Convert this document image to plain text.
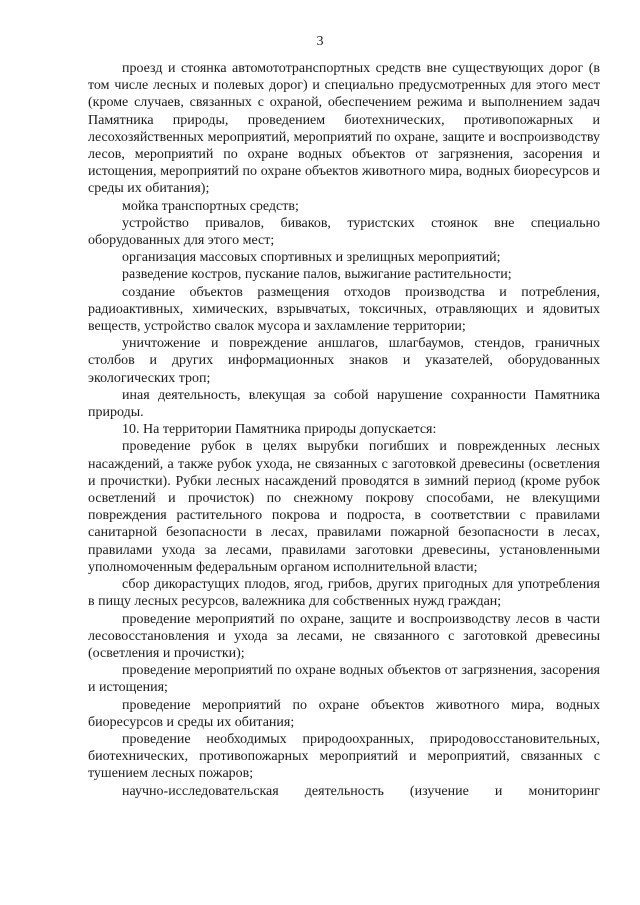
3

проезд и стоянка автомототранспортных средств вне существующих дорог (в том числе лесных и полевых дорог) и специально предусмотренных для этого мест (кроме случаев, связанных с охраной, обеспечением режима и выполнением задач Памятника природы, проведением биотехнических, противопожарных и лесохозяйственных мероприятий, мероприятий по охране, защите и воспроизводству лесов, мероприятий по охране водных объектов от загрязнения, засорения и истощения, мероприятий по охране объектов животного мира, водных биоресурсов и среды их обитания);

мойка транспортных средств;

устройство привалов, биваков, туристских стоянок вне специально оборудованных для этого мест;

организация массовых спортивных и зрелищных мероприятий;

разведение костров, пускание палов, выжигание растительности;

создание объектов размещения отходов производства и потребления, радиоактивных, химических, взрывчатых, токсичных, отравляющих и ядовитых веществ, устройство свалок мусора и захламление территории;

уничтожение и повреждение аншлагов, шлагбаумов, стендов, граничных столбов и других информационных знаков и указателей, оборудованных экологических троп;

иная деятельность, влекущая за собой нарушение сохранности Памятника природы.

10. На территории Памятника природы допускается:

проведение рубок в целях вырубки погибших и поврежденных лесных насаждений, а также рубок ухода, не связанных с заготовкой древесины (осветления и прочистки). Рубки лесных насаждений проводятся в зимний период (кроме рубок осветлений и прочисток) по снежному покрову способами, не влекущими повреждения растительного покрова и подроста, в соответствии с правилами санитарной безопасности в лесах, правилами пожарной безопасности в лесах, правилами ухода за лесами, правилами заготовки древесины, установленными уполномоченным федеральным органом исполнительной власти;

сбор дикорастущих плодов, ягод, грибов, других пригодных для употребления в пищу лесных ресурсов, валежника для собственных нужд граждан;

проведение мероприятий по охране, защите и воспроизводству лесов в части лесовосстановления и ухода за лесами, не связанного с заготовкой древесины (осветления и прочистки);

проведение мероприятий по охране водных объектов от загрязнения, засорения и истощения;

проведение мероприятий по охране объектов животного мира, водных биоресурсов и среды их обитания;

проведение необходимых природоохранных, природовосстановительных, биотехнических, противопожарных мероприятий и мероприятий, связанных с тушением лесных пожаров;

научно-исследовательская деятельность (изучение и мониторинг
